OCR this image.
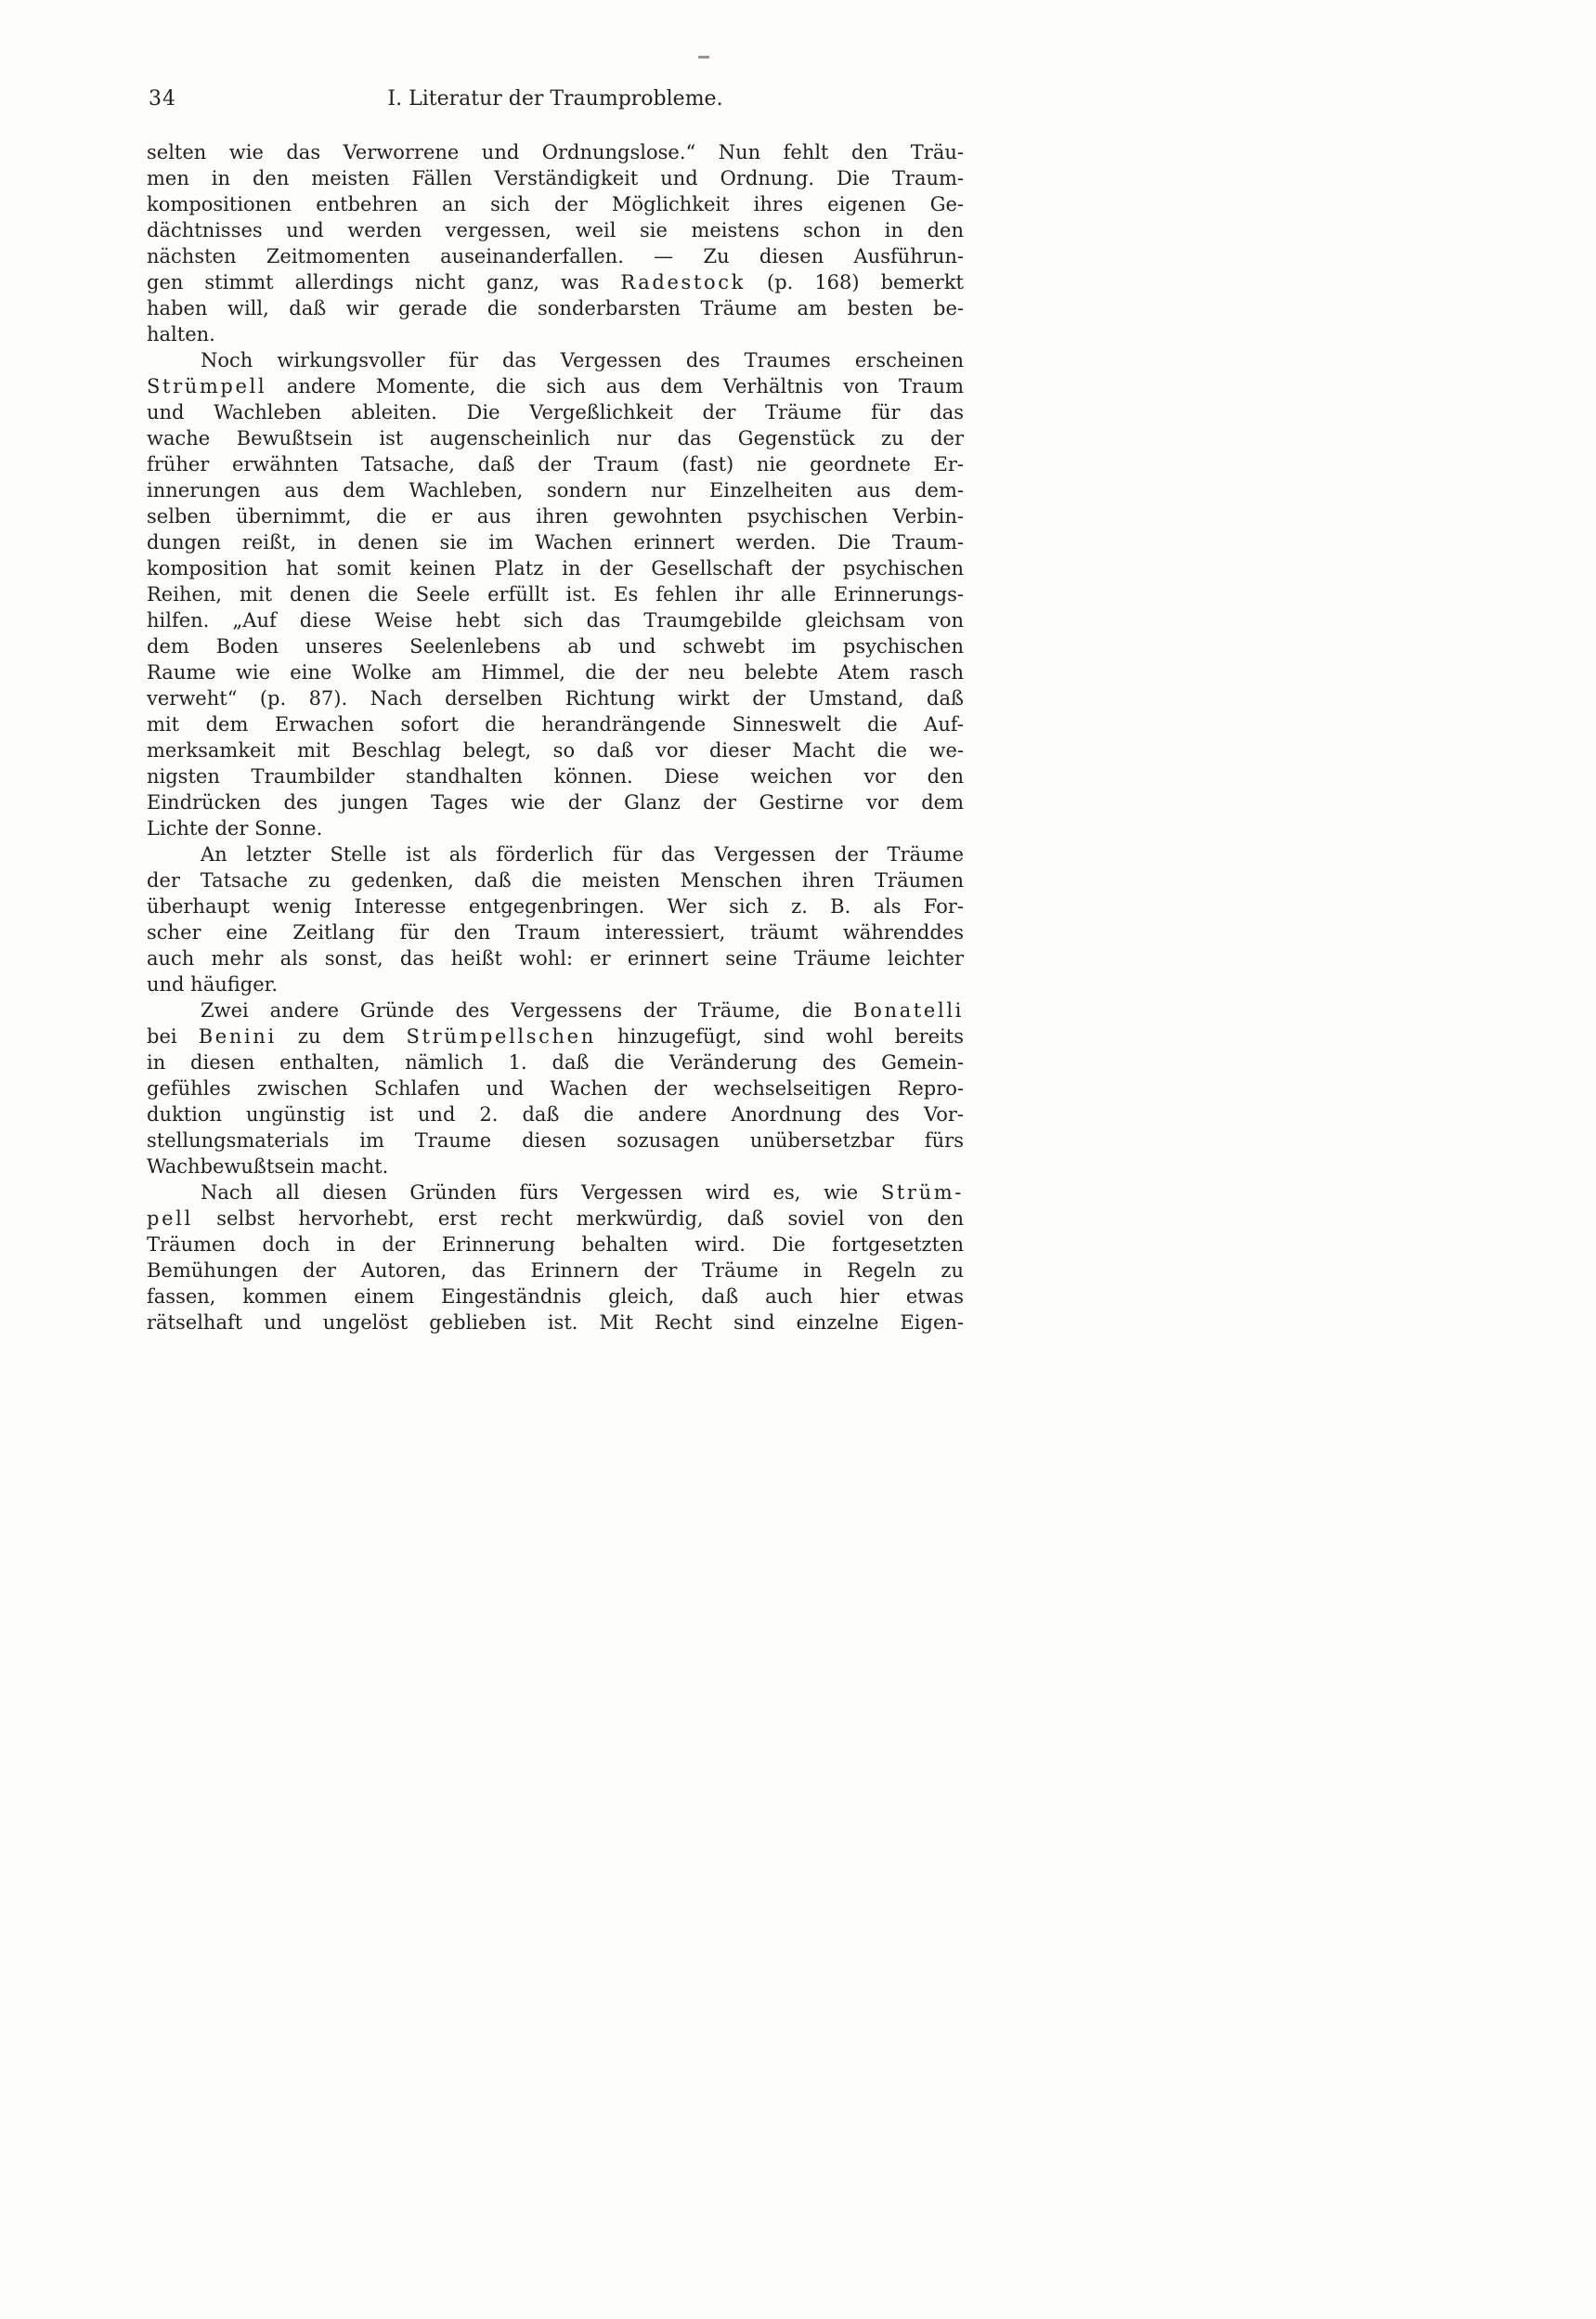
34	I. Literatur der Traumprobleme.
selten wie das Verworrene und Ordnungslose.“ Nun fehlt den Träu-
men in den meisten Fällen Verständigkeit und Ordnung. Die Traum-
kompositionen entbehren an sich der Möglichkeit ihres eigenen Ge-
dächtnisses und werden vergessen, weil sie meistens schon in den
nächsten Zeitmomenten auseinanderfallen. — Zu diesen Ausführun-
gen stimmt allerdings nicht ganz, was Radestock (p. 168) bemerkt
haben will, daß wir gerade die sonderbarsten Träume am besten be-
halten.
Noch wirkungsvoller für das Vergessen des Traumes erscheinen
Strümpell andere Momente, die sich aus dem Verhältnis von Traum
und Wachleben ableiten. Die Vergeßlichkeit der Träume für das
wache Bewußtsein ist augenscheinlich nur das Gegenstück zu der
früher erwähnten Tatsache, daß der Traum (fast) nie geordnete Er-
innerungen aus dem Wachleben, sondern nur Einzelheiten aus dem-
selben übernimmt, die er aus ihren gewohnten psychischen Verbin-
dungen reißt, in denen sie im Wachen erinnert werden. Die Traum-
komposition hat somit keinen Platz in der Gesellschaft der psychischen
Reihen, mit denen die Seele erfüllt ist. Es fehlen ihr alle Erinnerungs-
hilfen. „Auf diese Weise hebt sich das Traumgebilde gleichsam von
dem Boden unseres Seelenlebens ab und schwebt im psychischen
Raume wie eine Wolke am Himmel, die der neu belebte Atem rasch
verweht“ (p. 87). Nach derselben Richtung wirkt der Umstand, daß
mit dem Erwachen sofort die herandrängende Sinneswelt die Auf-
merksamkeit mit Beschlag belegt, so daß vor dieser Macht die we-
nigsten Traumbilder standhalten können. Diese weichen vor den
Eindrücken des jungen Tages wie der Glanz der Gestirne vor dem
Lichte der Sonne.
An letzter Stelle ist als förderlich für das Vergessen der Träume
der Tatsache zu gedenken, daß die meisten Menschen ihren Träumen
überhaupt wenig Interesse entgegenbringen. Wer sich z. B. als For-
scher eine Zeitlang für den Traum interessiert, träumt währenddes
auch mehr als sonst, das heißt wohl: er erinnert seine Träume leichter
und häufiger.
Zwei andere Gründe des Vergessens der Träume, die Bonatelli
bei Benini zu dem Strümpellschen hinzugefügt, sind wohl bereits
in diesen enthalten, nämlich 1. daß die Veränderung des Gemein-
gefühles zwischen Schlafen und Wachen der wechselseitigen Repro-
duktion ungünstig ist und 2. daß die andere Anordnung des Vor-
stellungsmaterials im Traume diesen sozusagen unübersetzbar fürs
Wachbewußtsein macht.
Nach all diesen Gründen fürs Vergessen wird es, wie Strüm-
pell selbst hervorhebt, erst recht merkwürdig, daß soviel von den
Träumen doch in der Erinnerung behalten wird. Die fortgesetzten
Bemühungen der Autoren, das Erinnern der Träume in Regeln zu
fassen, kommen einem Eingeständnis gleich, daß auch hier etwas
rätselhaft und ungelöst geblieben ist. Mit Recht sind einzelne Eigen-
